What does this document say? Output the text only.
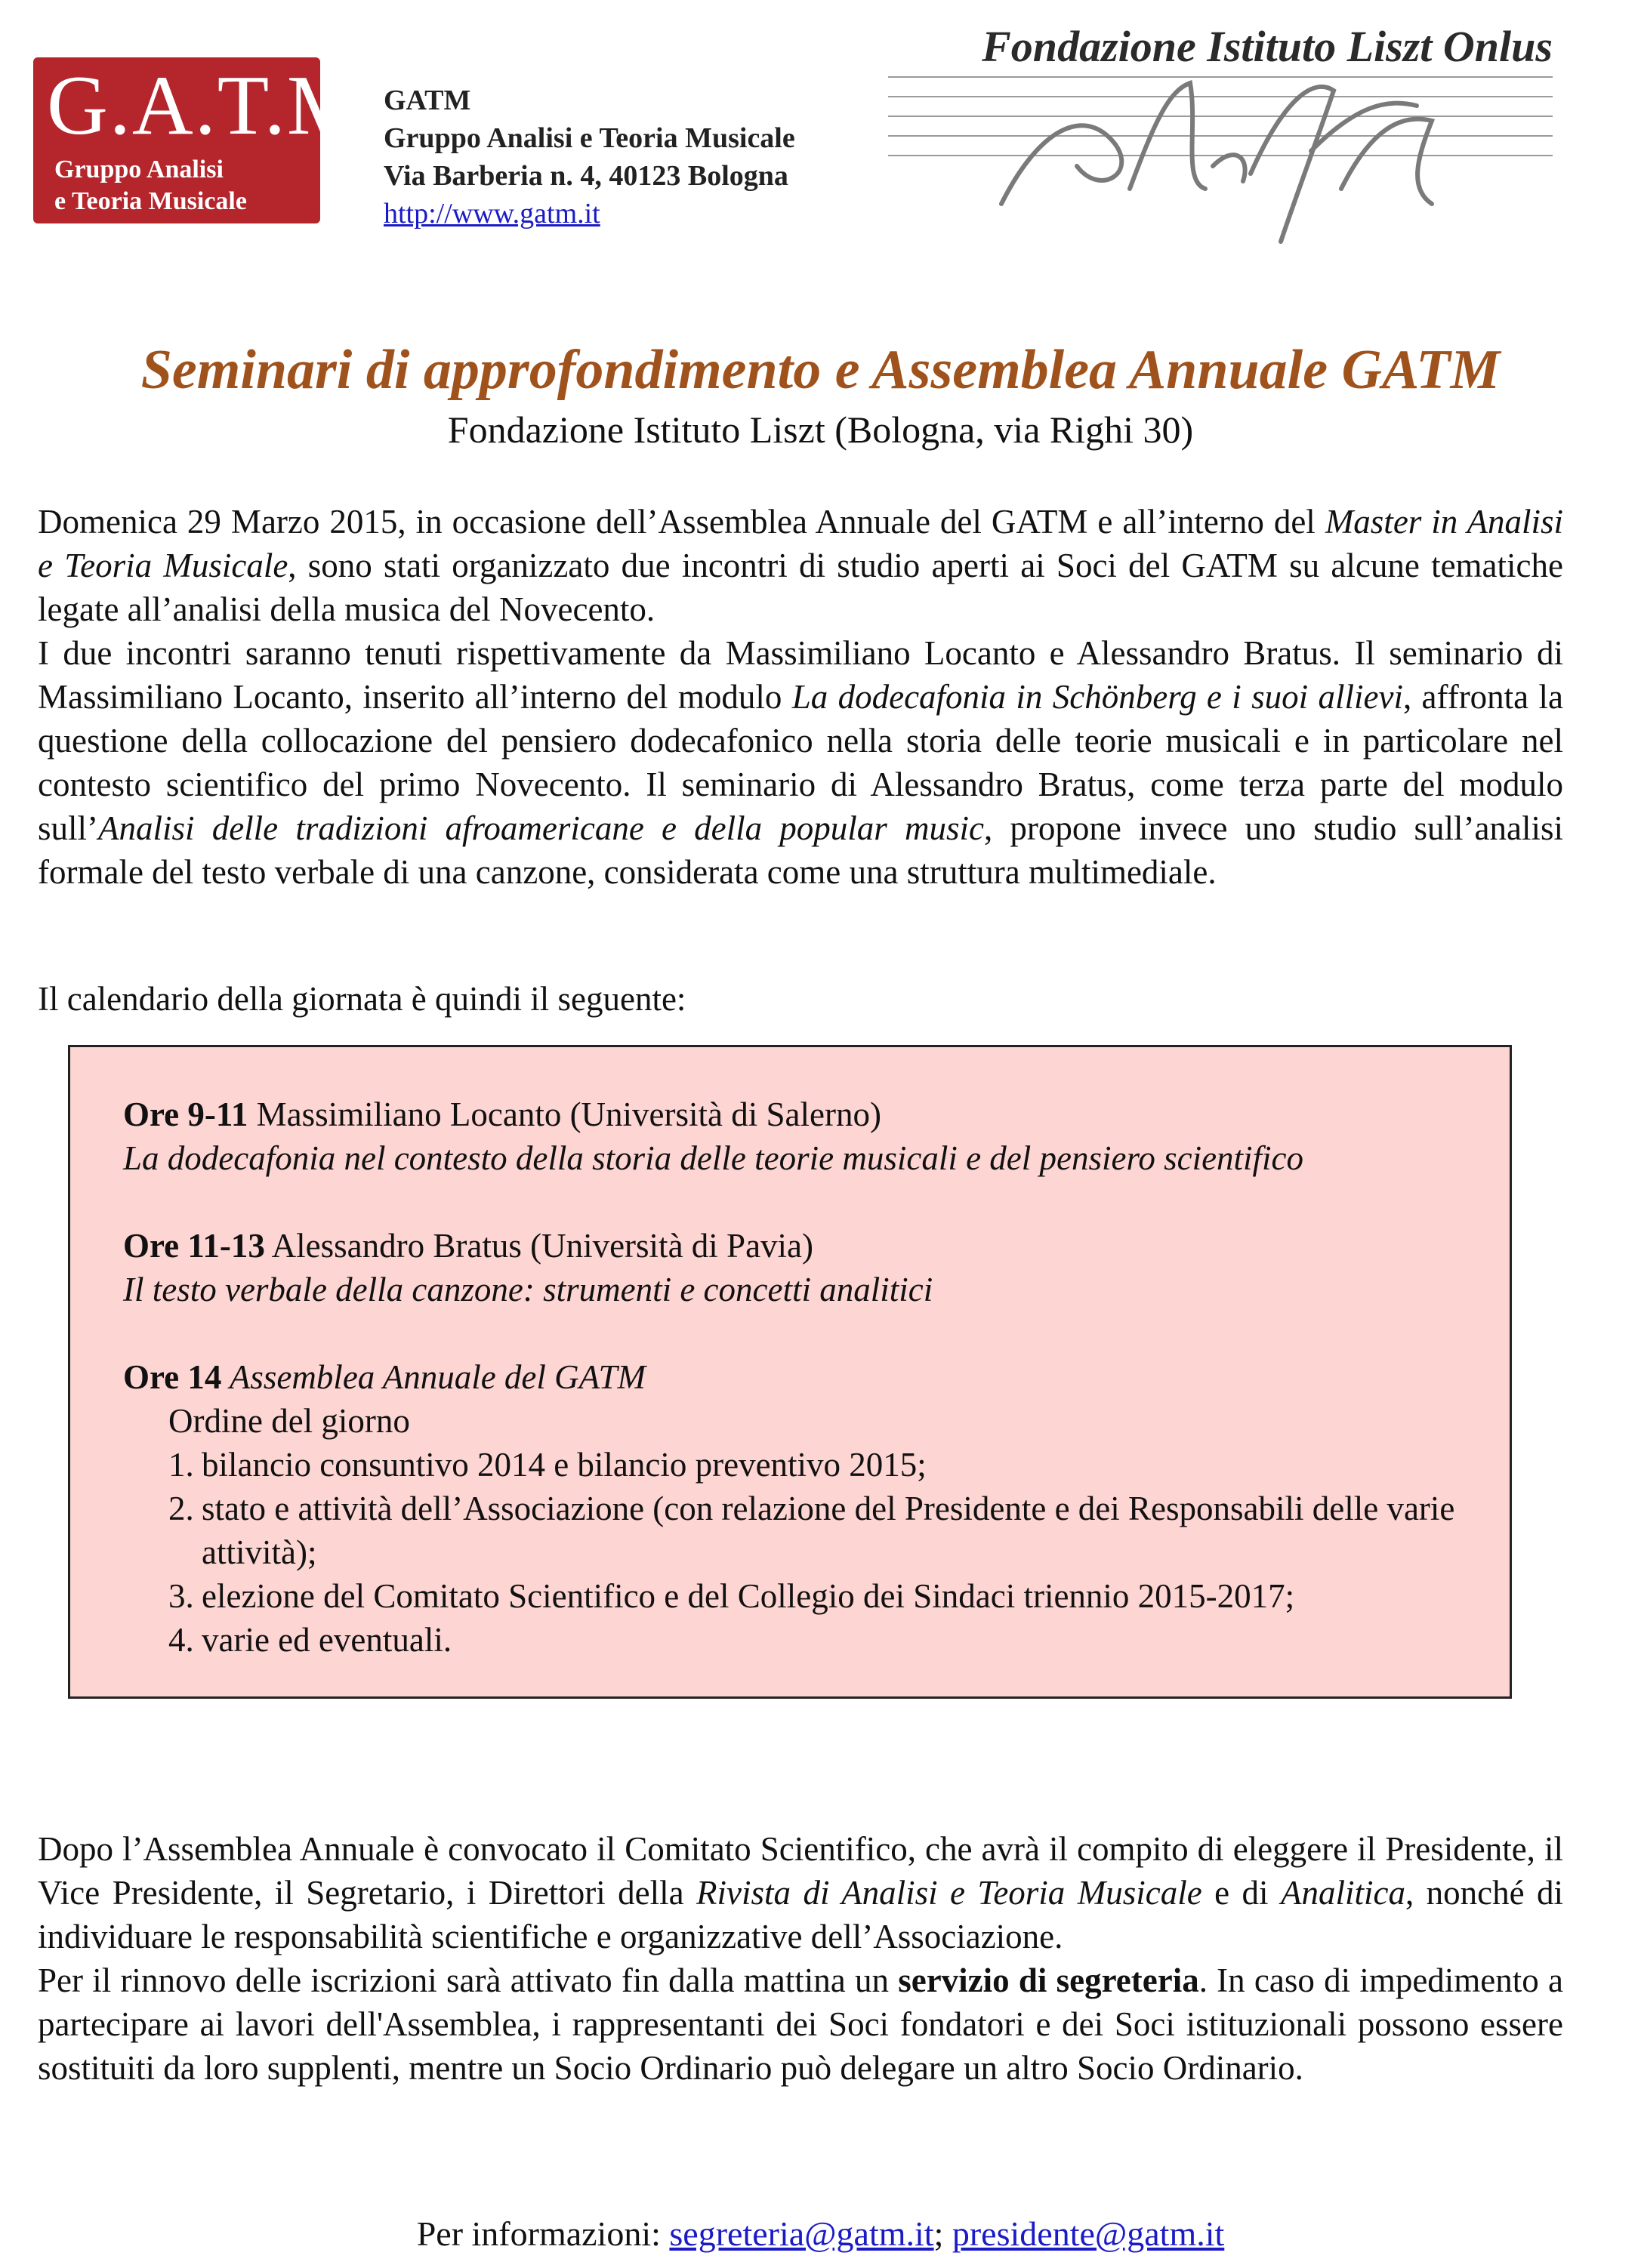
G.A.T.M.
Gruppo Analisi
e Teoria Musicale
GATM
Gruppo Analisi e Teoria Musicale
Via Barberia n. 4, 40123 Bologna
http://www.gatm.it
Fondazione Istituto Liszt Onlus
Seminari di approfondimento e Assemblea Annuale GATM

Fondazione Istituto Liszt (Bologna, via Righi 30)

Domenica 29 Marzo 2015, in occasione dell’Assemblea Annuale del GATM e all’interno del Master in Analisi e Teoria Musicale, sono stati organizzato due incontri di studio aperti ai Soci del GATM su alcune tematiche legate all’analisi della musica del Novecento.
I due incontri saranno tenuti rispettivamente da Massimiliano Locanto e Alessandro Bratus. Il seminario di Massimiliano Locanto, inserito all’interno del modulo La dodecafonia in Schönberg e i suoi allievi, affronta la questione della collocazione del pensiero dodecafonico nella storia delle teorie musicali e in particolare nel contesto scientifico del primo Novecento. Il seminario di Alessandro Bratus, come terza parte del modulo sull’Analisi delle tradizioni afroamericane e della popular music, propone invece uno studio sull’analisi formale del testo verbale di una canzone, considerata come una struttura multimediale.

Il calendario della giornata è quindi il seguente:

Ore 9-11 Massimiliano Locanto (Università di Salerno)

La dodecafonia nel contesto della storia delle teorie musicali e del pensiero scientifico

Ore 11-13 Alessandro Bratus (Università di Pavia)

Il testo verbale della canzone: strumenti e concetti analitici

Ore 14 Assemblea Annuale del GATM

Ordine del giorno

1. bilancio consuntivo 2014 e bilancio preventivo 2015;
2. stato e attività dell’Associazione (con relazione del Presidente e dei Responsabili delle varie attività);
3. elezione del Comitato Scientifico e del Collegio dei Sindaci triennio 2015-2017;
4. varie ed eventuali.

Dopo l’Assemblea Annuale è convocato il Comitato Scientifico, che avrà il compito di eleggere il Presidente, il Vice Presidente, il Segretario, i Direttori della Rivista di Analisi e Teoria Musicale e di Analitica, nonché di individuare le responsabilità scientifiche e organizzative dell’Associazione.

Per il rinnovo delle iscrizioni sarà attivato fin dalla mattina un servizio di segreteria. In caso di impedimento a partecipare ai lavori dell'Assemblea, i rappresentanti dei Soci fondatori e dei Soci istituzionali possono essere sostituiti da loro supplenti, mentre un Socio Ordinario può delegare un altro Socio Ordinario.

Per informazioni: segreteria@gatm.it; presidente@gatm.it
